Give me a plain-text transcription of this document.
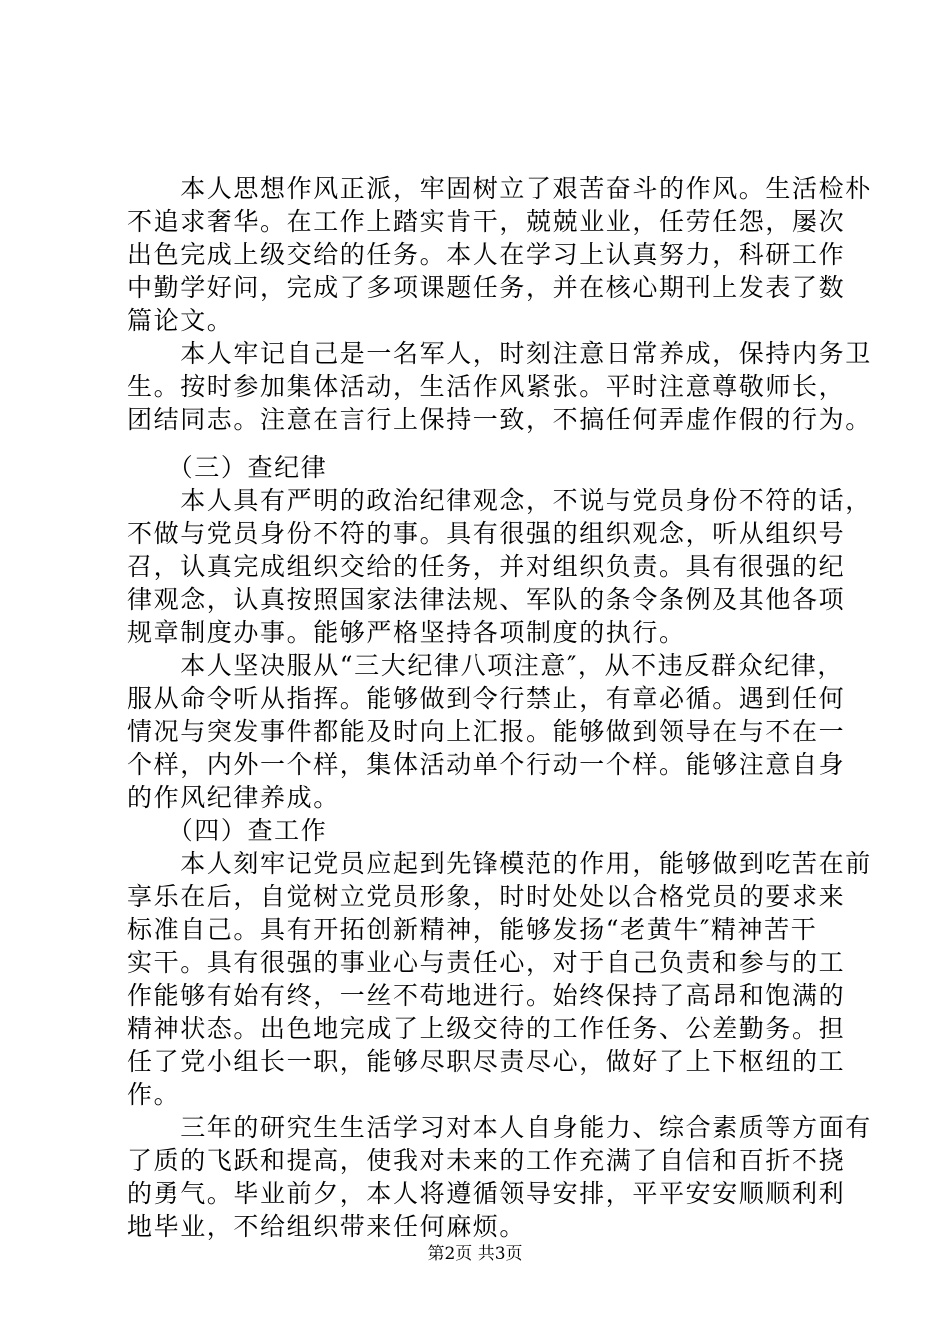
　　本人思想作风正派，牢固树立了艰苦奋斗的作风。生活检朴
不追求奢华。在工作上踏实肯干，兢兢业业，任劳任怨，屡次
出色完成上级交给的任务。本人在学习上认真努力，科研工作
中勤学好问，完成了多项课题任务，并在核心期刊上发表了数
篇论文。
　　本人牢记自己是一名军人，时刻注意日常养成，保持内务卫
生。按时参加集体活动，生活作风紧张。平时注意尊敬师长，
团结同志。注意在言行上保持一致，不搞任何弄虚作假的行为。
　　（三）查纪律
　　本人具有严明的政治纪律观念，不说与党员身份不符的话，
不做与党员身份不符的事。具有很强的组织观念，听从组织号
召，认真完成组织交给的任务，并对组织负责。具有很强的纪
律观念，认真按照国家法律法规、军队的条令条例及其他各项
规章制度办事。能够严格坚持各项制度的执行。
　　本人坚决服从“三大纪律八项注意″，从不违反群众纪律，
服从命令听从指挥。能够做到令行禁止，有章必循。遇到任何
情况与突发事件都能及时向上汇报。能够做到领导在与不在一
个样，内外一个样，集体活动单个行动一个样。能够注意自身
的作风纪律养成。
　　（四）查工作
　　本人刻牢记党员应起到先锋模范的作用，能够做到吃苦在前
享乐在后，自觉树立党员形象，时时处处以合格党员的要求来
标准自己。具有开拓创新精神，能够发扬“老黄牛″精神苦干
实干。具有很强的事业心与责任心，对于自己负责和参与的工
作能够有始有终，一丝不苟地进行。始终保持了高昂和饱满的
精神状态。出色地完成了上级交待的工作任务、公差勤务。担
任了党小组长一职，能够尽职尽责尽心，做好了上下枢纽的工
作。
　　三年的研究生生活学习对本人自身能力、综合素质等方面有
了质的飞跃和提高，使我对未来的工作充满了自信和百折不挠
的勇气。毕业前夕，本人将遵循领导安排，平平安安顺顺利利
地毕业，不给组织带来任何麻烦。
第2页 共3页
